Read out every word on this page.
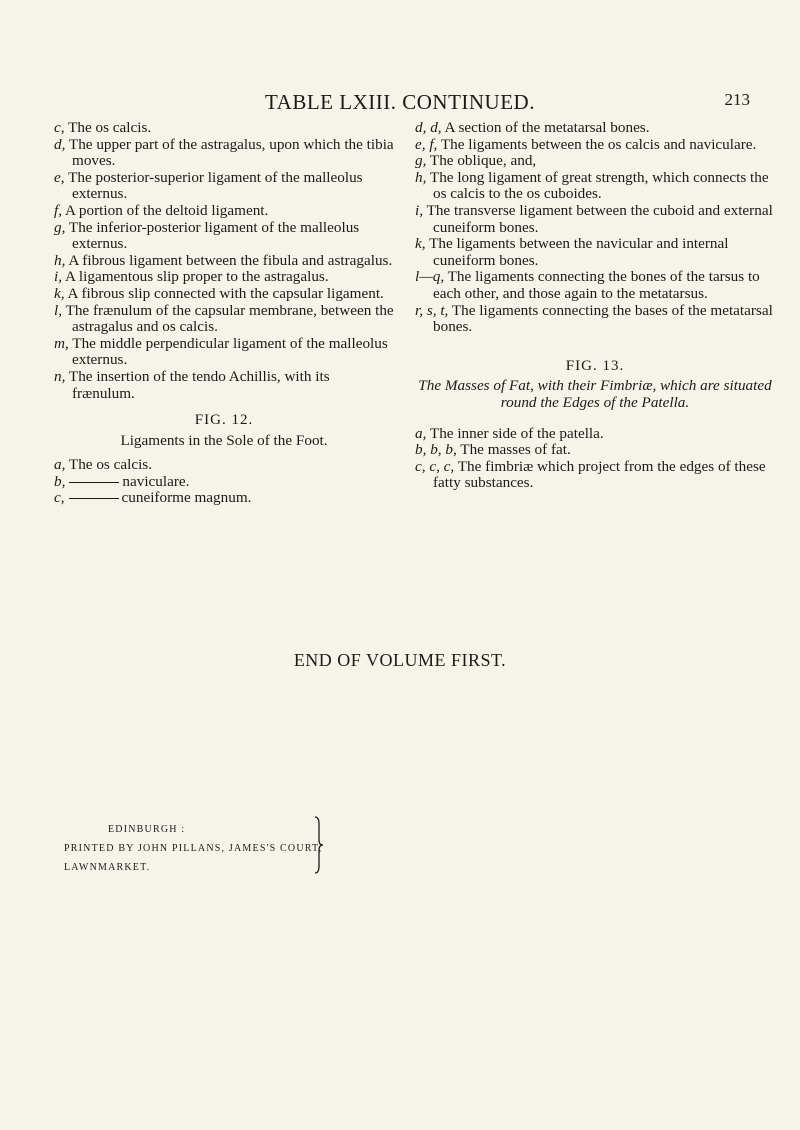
TABLE LXIII. CONTINUED.	213

c, The os calcis.

d, The upper part of the astragalus, upon which the tibia moves.

e, The posterior-superior ligament of the malleolus externus.

f, A portion of the deltoid ligament.

g, The inferior-posterior ligament of the malleolus externus.

h, A fibrous ligament between the fibula and astragalus.

i, A ligamentous slip proper to the astragalus.

k, A fibrous slip connected with the capsular ligament.

l, The frænulum of the capsular membrane, between the astragalus and os calcis.

m, The middle perpendicular ligament of the malleolus externus.

n, The insertion of the tendo Achillis, with its frænulum.

FIG. 12.
Ligaments in the Sole of the Foot.

a, The os calcis.

b,	naviculare.

c,	cuneiforme magnum.

d, d, A section of the metatarsal bones.

e, f, The ligaments between the os calcis and naviculare.

g, The oblique, and,

h, The long ligament of great strength, which connects the os calcis to the os cuboides.

i, The transverse ligament between the cuboid and external cuneiform bones.

k, The ligaments between the navicular and internal cuneiform bones.

l—q, The ligaments connecting the bones of the tarsus to each other, and those again to the metatarsus.

r, s, t, The ligaments connecting the bases of the metatarsal bones.

FIG. 13.
The Masses of Fat, with their Fimbriæ, which are situated round the Edges of the Patella.

a, The inner side of the patella.

b, b, b, The masses of fat.

c, c, c, The fimbriæ which project from the edges of these fatty substances.

END OF VOLUME FIRST.
EDINBURGH :
PRINTED BY JOHN PILLANS, JAMES'S COURT,
LAWNMARKET.
